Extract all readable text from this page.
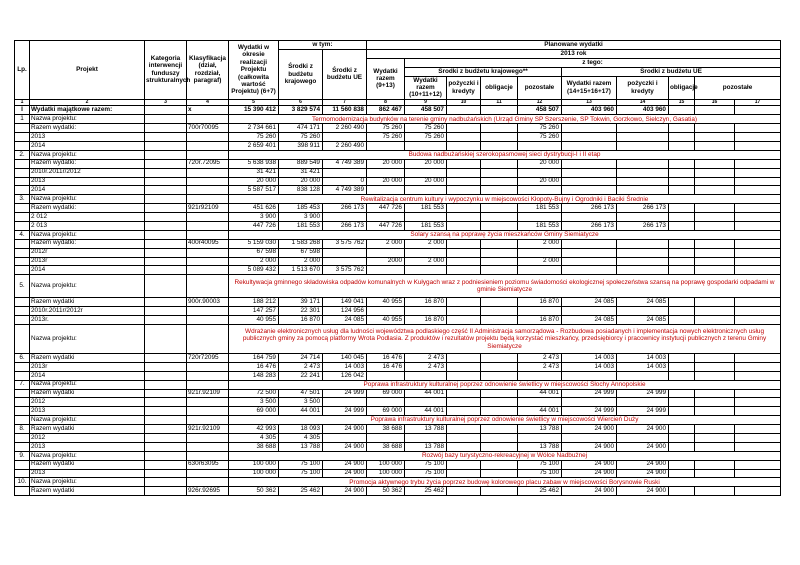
Lp.	Projekt	Kategoria interwencji funduszy strukturalnych	Klasyfikacja (dział, rozdział, paragraf)	Wydatki w okresie realizacji Projektu (całkowita wartość Projektu) (6+7)	w tym:		Planowane wydatki									
					Środki z budżetu krajowego	Środki z budżetu UE	2013 rok									
							Wydatki razem (9+13)	z tego:								
								Środki z budżetu krajowego**				Środki z budżetu UE				
								Wydatki razem (10+11+12)	pożyczki i kredyty	obligacje	pozostałe	Wydatki razem (14+15+16+17)	pożyczki i kredyty	obligacje	pozostałe	
1	2	3	4	5	6	7	8	9	10	11	12	13	14	15	16	17
I	Wydatki majątkowe razem:		x	15 390 412	3 829 574	11 560 838	862 467	458 507			458 507	403 960	403 960			
1	Nazwa projektu:			Termomodernizacja budynków na terenie gminy nadbużańskich (Urząd Gminy SP Szerszenie, SP Tokwin, Gorzkowo, Sielczyn, Gasatia)												
	Razem wydatki:		700r70095	2 734 661	474 171	2 260 490	75 260	75 260			75 260					
	2013			75 260	75 260		75 260	75 260			75 260					
	2014			2 659 401	398 911	2 260 490										
2.	Nazwa projektu:			Budowa nadbużańskiej szerokopasmowej sieci dystrybucji-I i II etap												
	Razem wydatki:		720r.72095	5 638 938	889 549	4 749 389	20 000	20 000			20 000					
	2010r.2011r/2012			31 421	31 421											
	2013			20 000	20 000	0	20 000	20 000			20 000					
	2014			5 587 517	838 128	4 749 389										
3.	Nazwa projektu:			Rewitalizacja centrum kultury i wypoczynku w miejscowości Kłopoty-Bujny i Ogrodniki i Baciki Średnie												
	Razem wydatki:		921r92109	451 626	185 453	266 173	447 726	181 553			181 553	266 173	266 173			
	2 012			3 900	3 900											
	2 013			447 726	181 553	266 173	447 726	181 553			181 553	266 173	266 173			
4.	Nazwa projektu:			Solary szansą na poprawę życia mieszkańców Gminy Siemiatycze												
	Razem wydatki:		400r40095	5 159 030	1 583 268	3 575 762	2 000	2 000			2 000					
	2012r			67 598	67 598											
	2013r			2 000	2 000		2000	2 000			2 000					
	2014			5 089 432	1 513 670	3 575 762										
5.	Nazwa projektu:			Rekultywacja gminnego składowiska odpadów komunalnych w Kułygach wraz z podniesieniem poziomu świadomości ekologicznej społeczeństwa szansą na poprawę gospodarki odpadami w gminie Siemiatycze												
	Razem wydatki		900r.90003	188 212	39 171	149 041	40 955	16 870			16 870	24 085	24 085			
	2010r.2011r/2012r			147 257	22 301	124 956										
	2013r.			40 955	16 870	24 085	40 955	16 870			16 870	24 085	24 085			
	Nazwa projektu:			Wdrażanie elektronicznych usług dla ludności województwa podlaskiego część II Administracja samorządowa - Rozbudowa posiadanych i implementacja nowych elektronicznych usług publicznych gminy za pomocą platformy Wrota Podlasia. Z produktów i rezultatów projektu będą korzystać mieszkańcy, przedsiębiorcy i pracownicy instytucji publicznych z terenu Gminy Siemiatycze												
6.	Razem wydatki		720r72095	164 759	24 714	140 045	16 476	2 473			2 473	14 003	14 003			
	2013r			16 476	2 473	14 003	16 476	2 473			2 473	14 003	14 003			
	2014			148 283	22 241	126 042										
7.	Nazwa projektu:			Poprawa infrastruktury kulturalnej poprzez odnowienie świetlicy w miejscowości Słochy Annopolskie												
	Razem wydatki		921r.92109	72 500	47 501	24 999	69 000	44 001			44 001	24 999	24 999			
	2012			3 500	3 500											
	2013			69 000	44 001	24 999	69 000	44 001			44 001	24 999	24 999			
	Nazwa projektu:			Poprawa infrastruktury kulturalnej poprzez odnowienie świetlicy w miejscowości Wiercień Duży												
8.	Razem wydatki		921r.92109	42 993	18 093	24 900	38 688	13 788			13 788	24 900	24 900			
	2012			4 305	4 305											
	2013			38 688	13 788	24 900	38 688	13 788			13 788	24 900	24 900			
9.	Nazwa projektu:			Rozwój bazy turystyczno-rekreacyjnej w Wólce Nadbużnej												
	Razem wydatki		630r63095	100 000	75 100	24 900	100 000	75 100			75 100	24 900	24 900			
	2013			100 000	75 100	24 900	100 000	75 100			75 100	24 900	24 900			
10.	Nazwa projektu:			Promocja aktywnego trybu życia poprzez budowę kolorowego placu zabaw w miejscowości Borysnowie Ruski												
	Razem wydatki		926r.92695	50 362	25 462	24 900	50 362	25 462			25 462	24 900	24 900			
